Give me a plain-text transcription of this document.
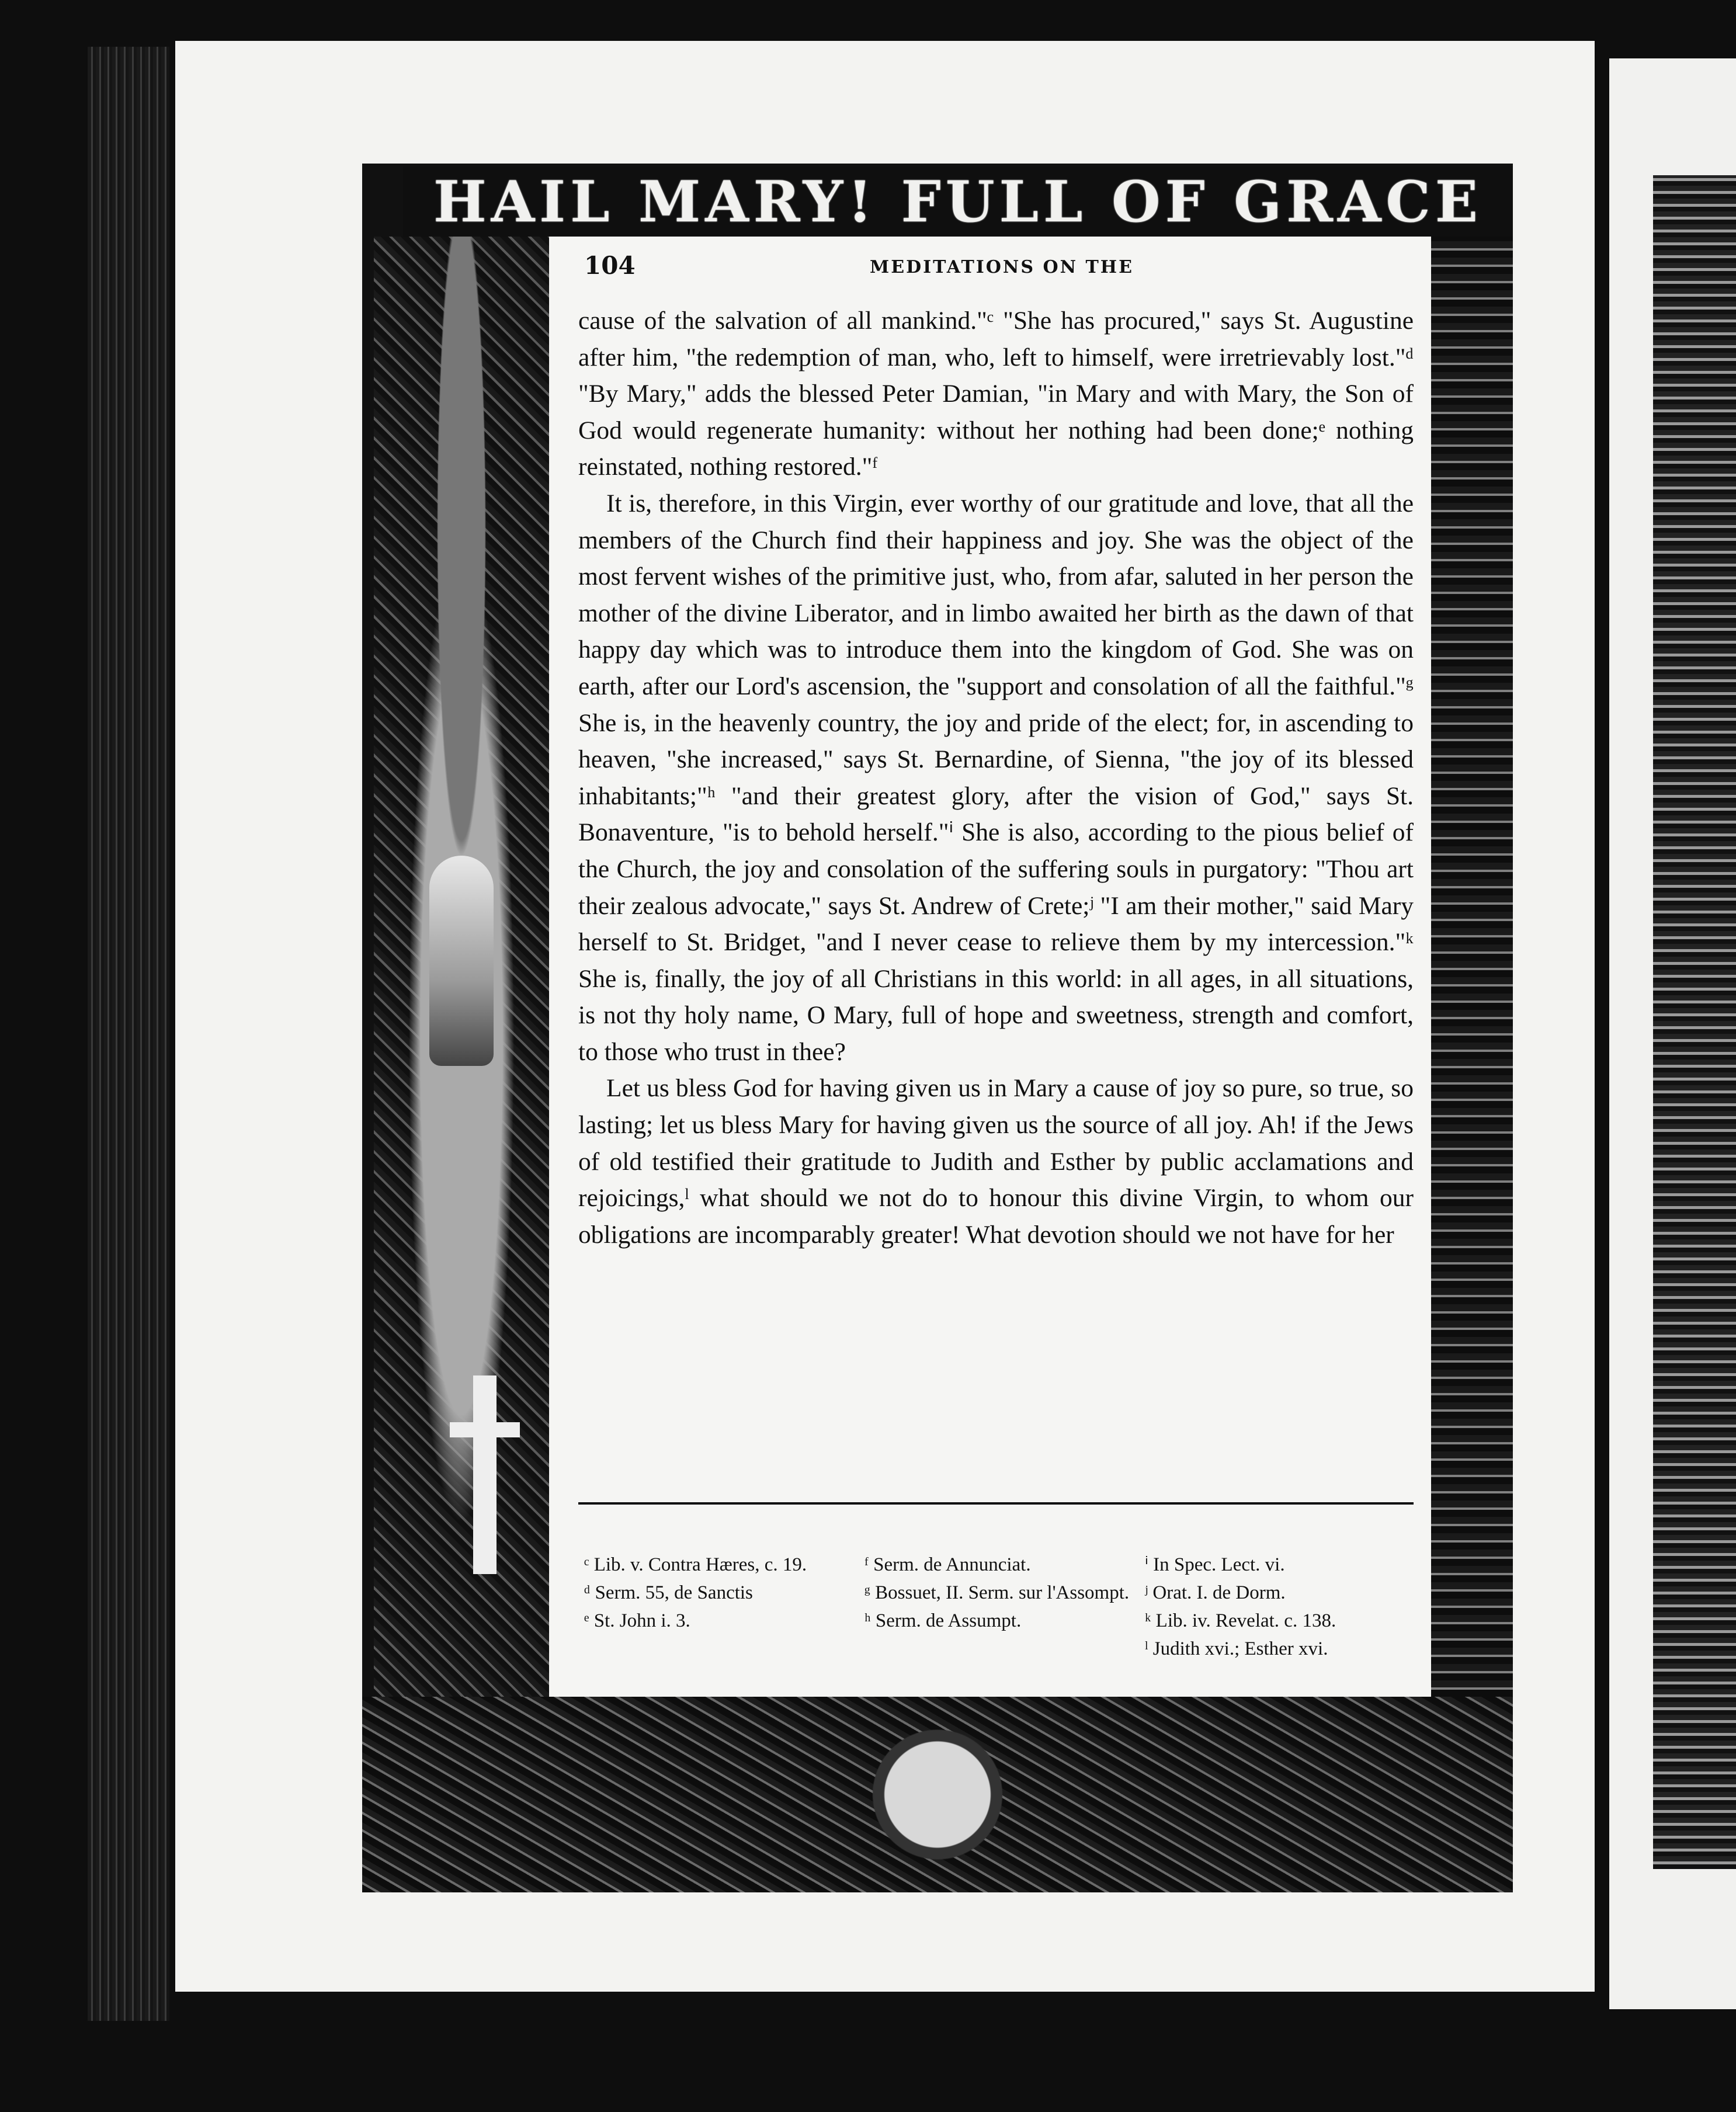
HAIL MARY! FULL OF GRACE
104	MEDITATIONS ON THE

cause of the salvation of all mankind."ᶜ "She has procured," says St. Augustine after him, "the redemption of man, who, left to himself, were irretrievably lost."ᵈ "By Mary," adds the blessed Peter Damian, "in Mary and with Mary, the Son of God would regenerate humanity: without her nothing had been done;ᵉ nothing reinstated, nothing restored."ᶠ

It is, therefore, in this Virgin, ever worthy of our gratitude and love, that all the members of the Church find their happiness and joy. She was the object of the most fervent wishes of the primitive just, who, from afar, saluted in her person the mother of the divine Liberator, and in limbo awaited her birth as the dawn of that happy day which was to introduce them into the kingdom of God. She was on earth, after our Lord's ascension, the "support and consolation of all the faithful."ᵍ She is, in the heavenly country, the joy and pride of the elect; for, in ascending to heaven, "she increased," says St. Bernardine, of Sienna, "the joy of its blessed inhabitants;"ʰ "and their greatest glory, after the vision of God," says St. Bonaventure, "is to behold herself."ⁱ She is also, according to the pious belief of the Church, the joy and consolation of the suffering souls in purgatory: "Thou art their zealous advocate," says St. Andrew of Crete;ʲ "I am their mother," said Mary herself to St. Bridget, "and I never cease to relieve them by my intercession."ᵏ She is, finally, the joy of all Christians in this world: in all ages, in all situations, is not thy holy name, O Mary, full of hope and sweetness, strength and comfort, to those who trust in thee?

Let us bless God for having given us in Mary a cause of joy so pure, so true, so lasting; let us bless Mary for having given us the source of all joy. Ah! if the Jews of old testified their gratitude to Judith and Esther by public acclamations and rejoicings,ˡ what should we not do to honour this divine Virgin, to whom our obligations are incomparably greater! What devotion should we not have for her

ᶜ Lib. v. Contra Hæres, c. 19.
ᵈ Serm. 55, de Sanctis
ᵉ St. John i. 3.
ᶠ Serm. de Annunciat.
ᵍ Bossuet, II. Serm. sur l'Assompt.
ʰ Serm. de Assumpt.
ⁱ In Spec. Lect. vi.
ʲ Orat. I. de Dorm.
ᵏ Lib. iv. Revelat. c. 138.
ˡ Judith xvi.; Esther xvi.
